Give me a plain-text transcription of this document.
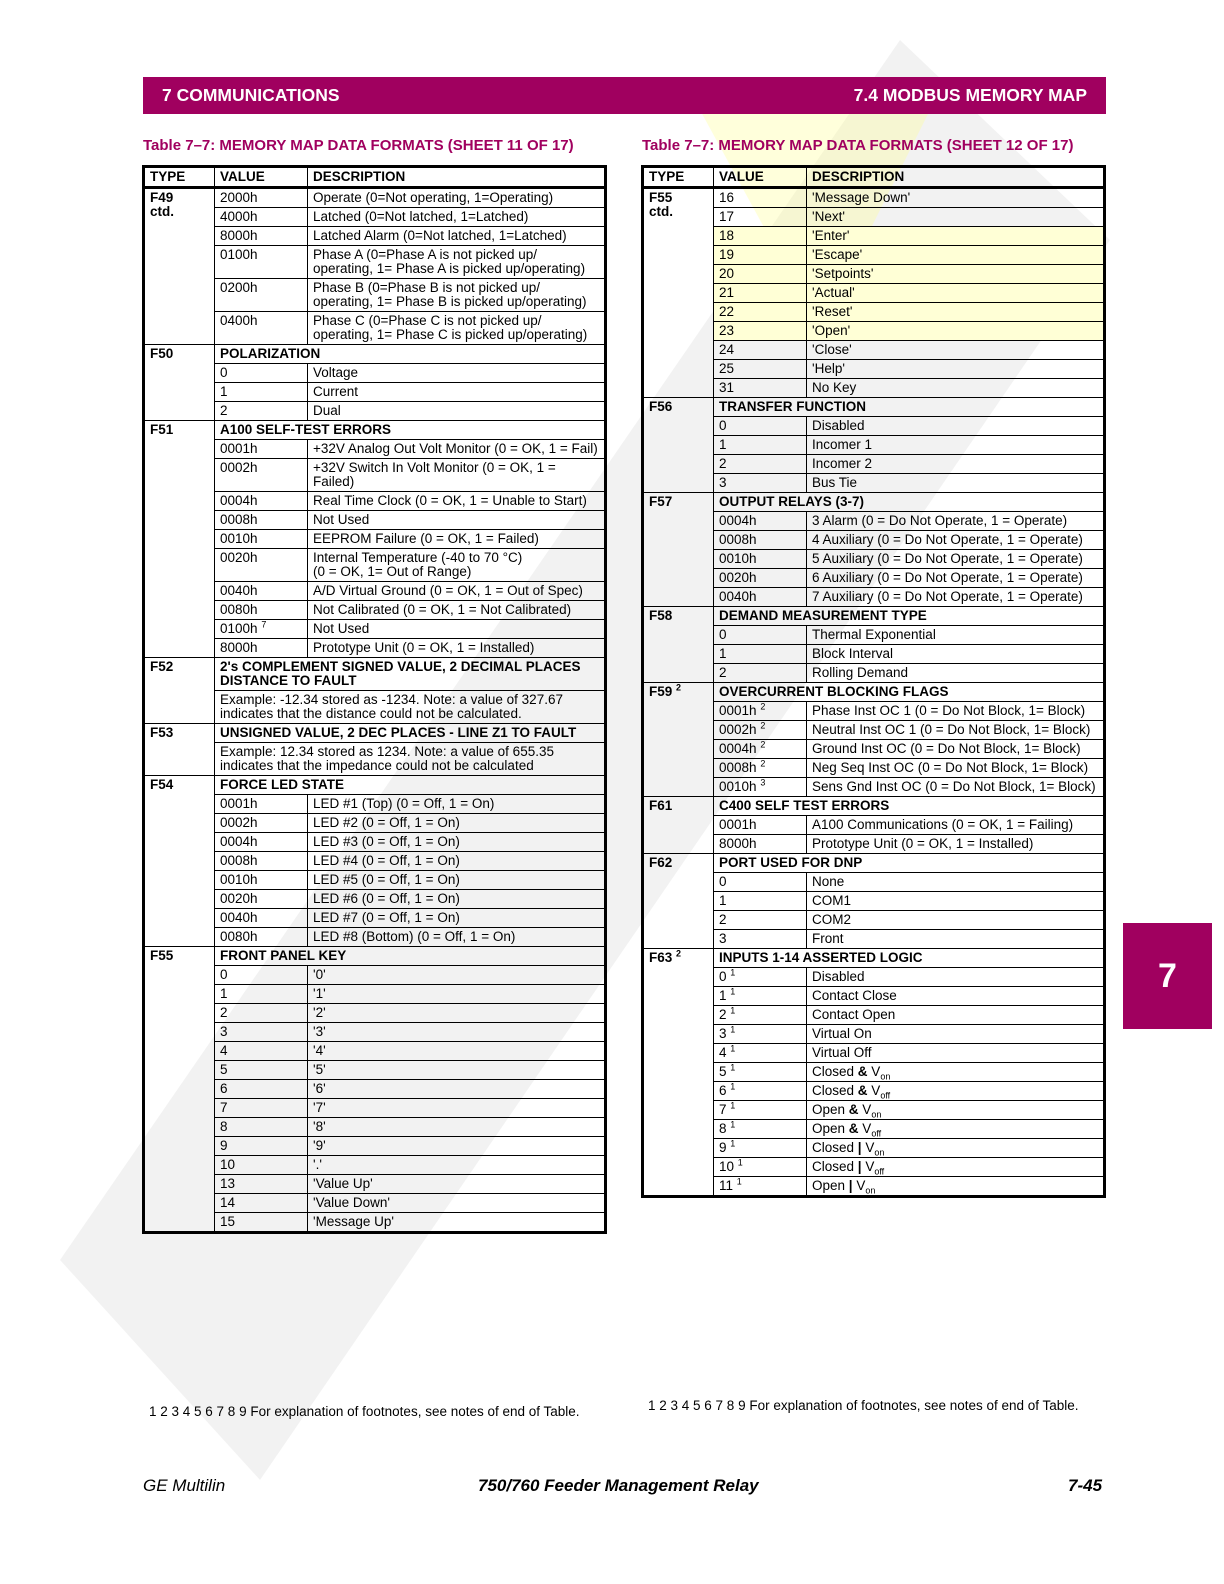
7 COMMUNICATIONS	7.4 MODBUS MEMORY MAP
Table 7–7: MEMORY MAP DATA FORMATS (SHEET 11 OF 17)	Table 7–7: MEMORY MAP DATA FORMATS (SHEET 12 OF 17)
TYPE	VALUE	DESCRIPTION
F49
ctd.	2000h	Operate (0=Not operating, 1=Operating)
	4000h	Latched (0=Not latched, 1=Latched)
	8000h	Latched Alarm (0=Not latched, 1=Latched)
	0100h	Phase A (0=Phase A is not picked up/
operating, 1= Phase A is picked up/operating)
	0200h	Phase B (0=Phase B is not picked up/
operating, 1= Phase B is picked up/operating)
	0400h	Phase C (0=Phase C is not picked up/
operating, 1= Phase C is picked up/operating)
F50	POLARIZATION	
	0	Voltage
	1	Current
	2	Dual
F51	A100 SELF-TEST ERRORS	
	0001h	+32V Analog Out Volt Monitor (0 = OK, 1 = Fail)
	0002h	+32V Switch In Volt Monitor (0 = OK, 1 = Failed)
	0004h	Real Time Clock (0 = OK, 1 = Unable to Start)
	0008h	Not Used
	0010h	EEPROM Failure (0 = OK, 1 = Failed)
	0020h	Internal Temperature (-40 to 70 °C)
(0 = OK, 1= Out of Range)
	0040h	A/D Virtual Ground (0 = OK, 1 = Out of Spec)
	0080h	Not Calibrated (0 = OK, 1 = Not Calibrated)
	0100h $^7$	Not Used
	8000h	Prototype Unit (0 = OK, 1 = Installed)
F52	2's COMPLEMENT SIGNED VALUE, 2 DECIMAL PLACES
DISTANCE TO FAULT	
	Example: -12.34 stored as -1234. Note: a value of 327.67
indicates that the distance could not be calculated.	
F53	UNSIGNED VALUE, 2 DEC PLACES - LINE Z1 TO FAULT	
	Example: 12.34 stored as 1234. Note: a value of 655.35
indicates that the impedance could not be calculated	
F54	FORCE LED STATE	
	0001h	LED #1 (Top) (0 = Off, 1 = On)
	0002h	LED #2 (0 = Off, 1 = On)
	0004h	LED #3 (0 = Off, 1 = On)
	0008h	LED #4 (0 = Off, 1 = On)
	0010h	LED #5 (0 = Off, 1 = On)
	0020h	LED #6 (0 = Off, 1 = On)
	0040h	LED #7 (0 = Off, 1 = On)
	0080h	LED #8 (Bottom) (0 = Off, 1 = On)
F55	FRONT PANEL KEY	
	0	'0'
	1	'1'
	2	'2'
	3	'3'
	4	'4'
	5	'5'
	6	'6'
	7	'7'
	8	'8'
	9	'9'
	10	'.'
	13	'Value Up'
	14	'Value Down'
	15	'Message Up'
1 2 3 4 5 6 7 8 9 For explanation of footnotes, see notes of end of Table.
TYPE	VALUE	DESCRIPTION
F55
ctd.	16	'Message Down'
	17	'Next'
	18	'Enter'
	19	'Escape'
	20	'Setpoints'
	21	'Actual'
	22	'Reset'
	23	'Open'
	24	'Close'
	25	'Help'
	31	No Key
F56	TRANSFER FUNCTION	
	0	Disabled
	1	Incomer 1
	2	Incomer 2
	3	Bus Tie
F57	OUTPUT RELAYS (3-7)	
	0004h	3 Alarm (0 = Do Not Operate, 1 = Operate)
	0008h	4 Auxiliary (0 = Do Not Operate, 1 = Operate)
	0010h	5 Auxiliary (0 = Do Not Operate, 1 = Operate)
	0020h	6 Auxiliary (0 = Do Not Operate, 1 = Operate)
	0040h	7 Auxiliary (0 = Do Not Operate, 1 = Operate)
F58	DEMAND MEASUREMENT TYPE	
	0	Thermal Exponential
	1	Block Interval
	2	Rolling Demand
F59 $^2$	OVERCURRENT BLOCKING FLAGS	
	0001h $^2$	Phase Inst OC 1 (0 = Do Not Block, 1= Block)
	0002h $^2$	Neutral Inst OC 1 (0 = Do Not Block, 1= Block)
	0004h $^2$	Ground Inst OC (0 = Do Not Block, 1= Block)
	0008h $^2$	Neg Seq Inst OC (0 = Do Not Block, 1= Block)
	0010h $^3$	Sens Gnd Inst OC (0 = Do Not Block, 1= Block)
F61	C400 SELF TEST ERRORS	
	0001h	A100 Communications (0 = OK, 1 = Failing)
	8000h	Prototype Unit (0 = OK, 1 = Installed)
F62	PORT USED FOR DNP	
	0	None
	1	COM1
	2	COM2
	3	Front
F63 $^2$	INPUTS 1-14 ASSERTED LOGIC	
	0 $^1$	Disabled
	1 $^1$	Contact Close
	2 $^1$	Contact Open
	3 $^1$	Virtual On
	4 $^1$	Virtual Off
	5 $^1$	Closed & $V_{on}$
	6 $^1$	Closed & $V_{off}$
	7 $^1$	Open & $V_{on}$
	8 $^1$	Open & $V_{off}$
	9 $^1$	Closed | $V_{on}$
	10 $^1$	Closed | $V_{off}$
	11 $^1$	Open | $V_{on}$
1 2 3 4 5 6 7 8 9 For explanation of footnotes, see notes of end of Table.
7
GE Multilin	750/760 Feeder Management Relay	7-45
